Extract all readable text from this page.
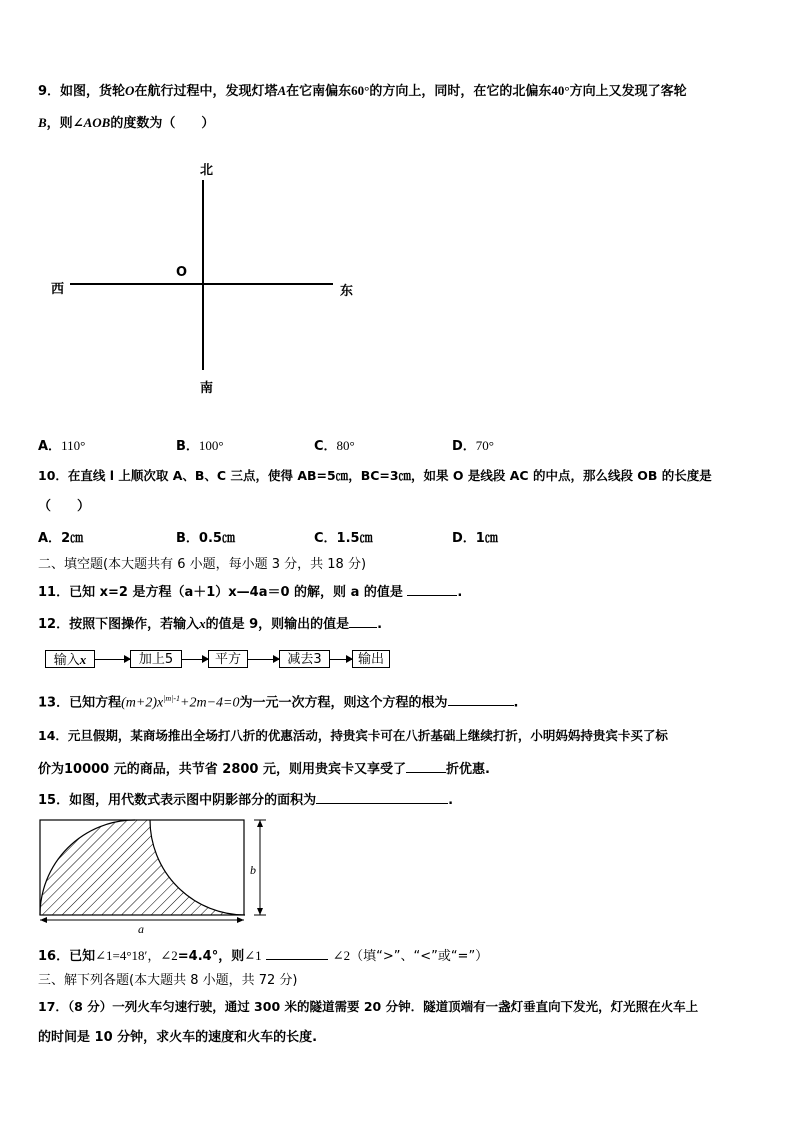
9．如图，货轮O在航行过程中，发现灯塔A在它南偏东60°的方向上，同时，在它的北偏东40°方向上又发现了客轮
B，则∠AOB的度数为（　　）
北
西	东
南
O
A．110°	B．100°	C．80°	D．70°
10．在直线 l 上顺次取 A、B、C 三点，使得 AB=5㎝，BC=3㎝，如果 O 是线段 AC 的中点，那么线段 OB 的长度是
（　　）
A．2㎝	B．0.5㎝	C．1.5㎝	D．1㎝
二、填空题(本大题共有 6 小题，每小题 3 分，共 18 分)
11．已知 x=2 是方程（a＋1）x—4a＝0 的解，则 a 的值是	.
12．按照下图操作，若输入x的值是 9，则输出的值是 .
输入x	加上5	平方	减去3	输出
13．已知方程$(m+2)x^{|m|-1}+2m-4=0$为一元一次方程，则这个方程的根为	.
14．元旦假期，某商场推出全场打八折的优惠活动，持贵宾卡可在八折基础上继续打折，小明妈妈持贵宾卡买了标
价为10000 元的商品，共节省 2800 元，则用贵宾卡又享受了	折优惠.
15．如图，用代数式表示图中阴影部分的面积为	.
a
b
16．已知∠1=4°18′，∠2=4.4°，则∠1	∠2（填“>”、“<”或“=”）
三、解下列各题(本大题共 8 小题，共 72 分)
17．（8 分）一列火车匀速行驶，通过 300 米的隧道需要 20 分钟．隧道顶端有一盏灯垂直向下发光，灯光照在火车上
的时间是 10 分钟，求火车的速度和火车的长度.
